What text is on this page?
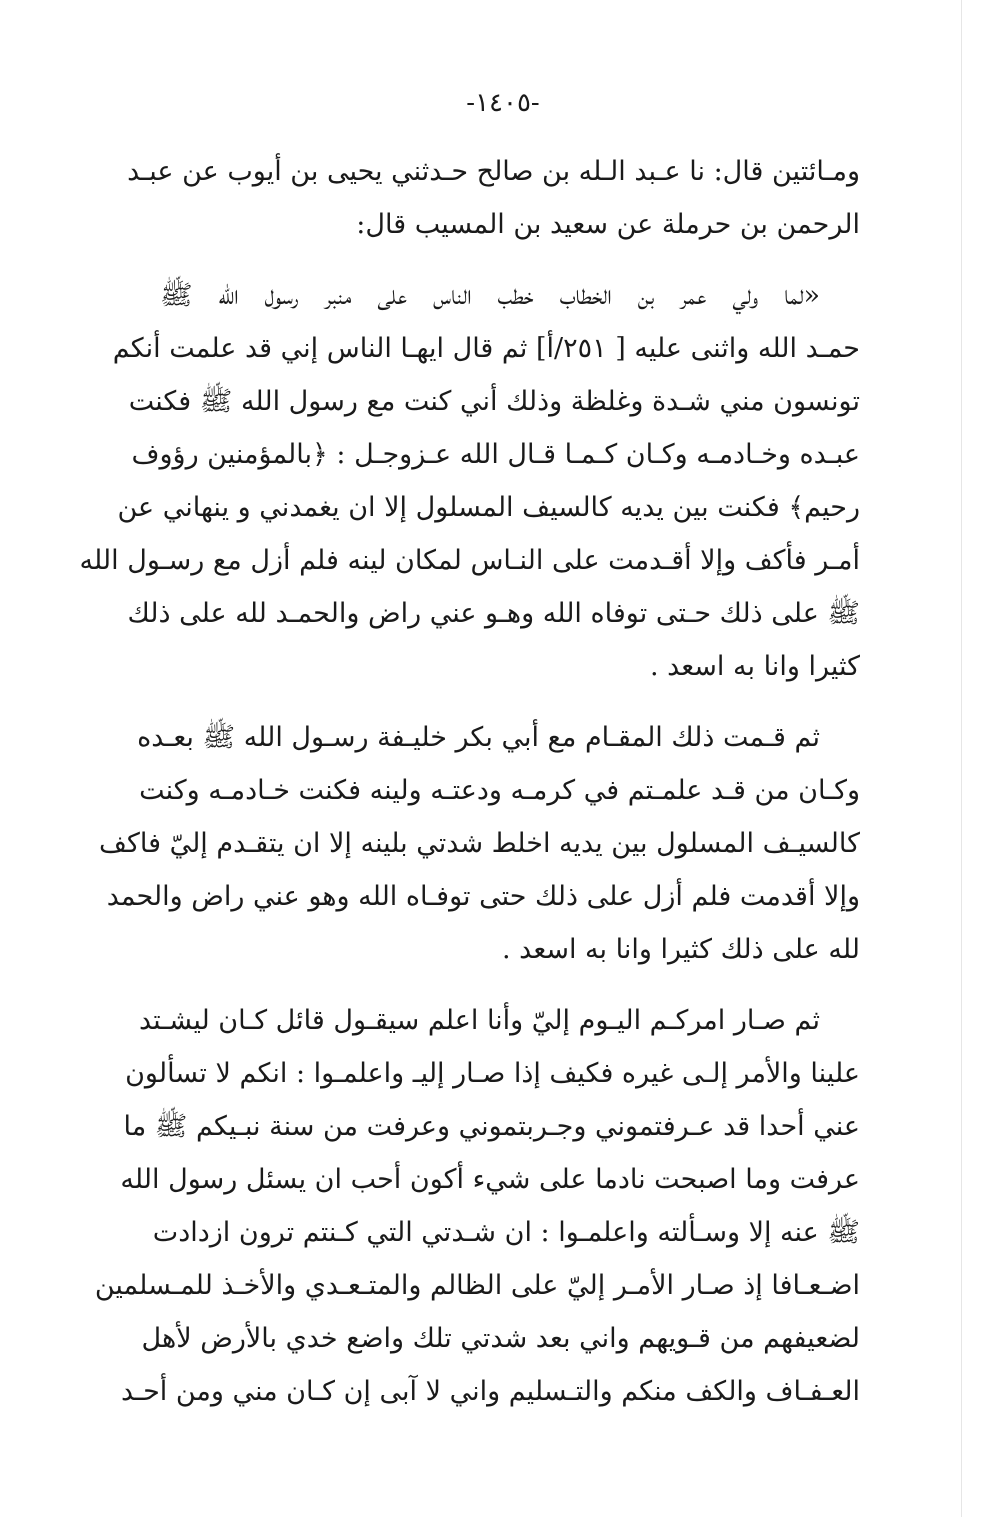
-١٤٠٥-
ومـائتين قال: نا عـبد الـله بن صالح حـدثني يحيى بن أيوب عن عبـد
الرحمن بن حرملة عن سعيد بن المسيب قال:
«لما ولي عمر بن الخطاب خطب الناس على منبر رسول الله ﷺ
حمـد الله واثنى عليه [ ٢٥١/أ] ثم قال ايهـا الناس إني قد علمت أنكم
تونسون مني شـدة وغلظة وذلك أني كنت مع رسول الله ﷺ فكنت
عبـده وخـادمـه وكـان كـمـا قـال الله عـزوجـل : ﴿بالمؤمنين رؤوف
رحيم﴾ فكنت بين يديه كالسيف المسلول إلا ان يغمدني و ينهاني عن
أمـر فأكف وإلا أقـدمت على النـاس لمكان لينه فلم أزل مع رسـول الله
ﷺ على ذلك حـتى توفاه الله وهـو عني راض والحمـد لله على ذلك
كثيرا وانا به اسعد .
ثم قـمت ذلك المقـام مع أبي بكر خليـفة رسـول الله ﷺ بعـده
وكـان من قـد علمـتم في كرمـه ودعتـه ولينه فكنت خـادمـه وكنت
كالسيـف المسلول بين يديه اخلط شدتي بلينه إلا ان يتقـدم إليّ فاكف
وإلا أقدمت فلم أزل على ذلك حتى توفـاه الله وهو عني راض والحمد
لله على ذلك كثيرا وانا به اسعد .
ثم صـار امركـم اليـوم إليّ وأنا اعلم ﺳﻴﻘـول قائل كـان ليشـتد
علينا والأمر إلـى غيره فكيف إذا صـار إليـ واعلمـوا : انكم لا تسألون
عني أحدا قد عـرفتموني وجـربتموني وعرفت من سنة نبـيكم ﷺ ما
عرفت وما اصبحت نادما على شيء أكون أحب ان يسئل رسول الله
ﷺ عنه إلا وسـألته واعلمـوا : ان شـدتي التي كـنتم ترون ازدادت
اضـعـافا إذ صـار الأمـر إليّ على الظالم والمتـعـدي والأخـذ للمـسلمين
لضعيفهم من قـويهم واني بعد شدتي تلك واضع خدي بالأرض لأهل
العـفـاف والكف منكم والتـسليم واني لا آبى إن كـان مني ومن أحـد
